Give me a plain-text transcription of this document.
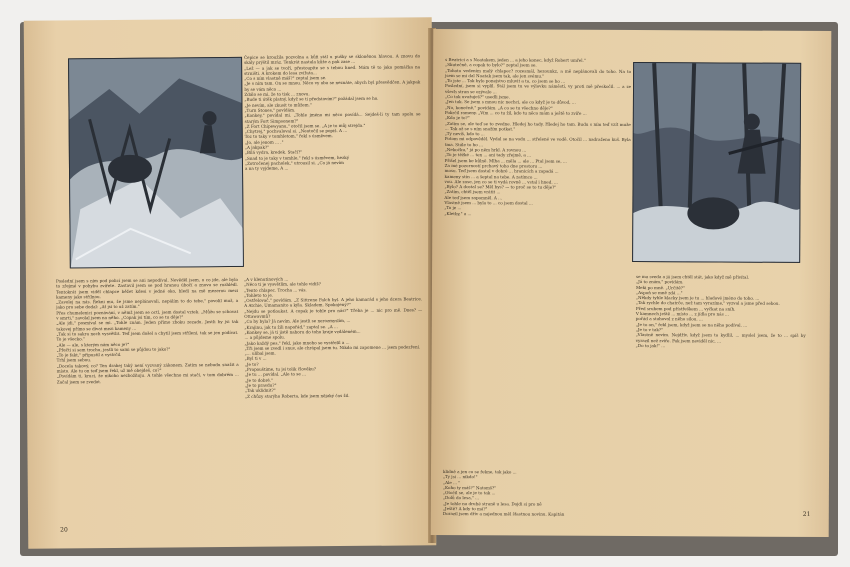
Čepice se kroužila pozvolna a kůň stál u pušky se skloněnou hlavou. A znovu do skály prýštil mráz. Tenkrát nastala kůže a pak zase ...
„Lež — a jak se tvoří, přestoupíte se s tebou hned. Mám tě to jako pomáčka na strništi. A krokem do lesa zvířata...
„Co s ním vlastně máš?" zeptal jsem se.
„Je s ním tam. On se mnou. Něco vy oba se neznáte, abych byl přesvědčen. A jakpak by se vám něco ...
Zdálo se mi, že to tisk ... znovu.
„Bude ti útěk platný, když se ti představím?" požádal jsem se ho.
„Je nevím, ale zkusit to můžem."
„Turn Stones," povídám.
„Konkey," povídal mi. „Tohle jméno mi něco povídá... Sejdeš-li ty tam spolu se starým Fort Simpsonem?"
„Z Fort Chipewyanu," otočil jsem se. „A je to můj strejda."
„Chytrej," pochvaloval si. „Neotočil se popiš. A ...
Toz to taky v tomhletom," řekl s úsměvem.
„Jo, ale jenom ... ."
„A jakpak?"
„Bílá vydra, kredek. Stačí?"
„Snad to je taky v tomhle," řekl s úsměvem, hezký
„Zotročenej pacholek," utrousil si. „Co já nevím
a na ty vyjdeme, A ...
Poslední jsem s ním pod policí jsem se ani nepodíval. Nevěděl jsem, o co jde, ale bylo to zřejmé v pohybu zvířete. Zastavil jsem se pod hranou úbočí a znovu se rozhlédl. Tentokrát jsem viděl chlapce běžet kdesi v jedné oko, hledí na mě mezerou mezi kameny jako střílnou.
„Zavolej na nás. Řekni mu, že jsme neplánovali, nepálím to do tebe," povolil muž, a jako pro sebe dodal: „Ať jsi to už zatím."
Přes chumelenici poznávání, v němž jsem se octl, jsem dostal vztek. „Můžu se schovat v smrti," zavolal jsem na něho. „Copak jsi tím, co se tu děje?"
„Ale jdi," posmíval se mi. „Tohle znám. Jeden přímo zboku zezadu. Jestli by jsi tak takovej přímo se dívat mezi kameny ...
„Tak si to sakra nech vysvětlit. Teď jsem došel a chytil jsem střílení, tak se jen podívat. To je všecko."
„Ale — ale, s kterým nám něco je?"
„Přečti si sem trochu, jestli to sami se půjdou to jako?"
„To je fakt," připustil a vystrčil.
Trhl jsem sebou.
„Docela takový, co? Ten drahej taký není vyzvaný zákonem. Zatím se nebudu snažit a místo. Ale tu on teď jsem řekl, už mě obejdeš, co?"
„Povídám ti, kruci, že nikoho nezbožňuju. A tohle všechno mi stačí, v tom dobrém ... Začal jsem se zvedat.
„A v klenutinových ...
„Něco ti je vysvětlím, ale tohle vidíš?
„Tento chlapec. Trocha ... vás.
„Tohleto to je.
„Ostřelovač," povídám. „Z Sittrene Falch byl. A jeho kamarád s jeho dcera Beatrice. A Atchie, Umamanito a kýla. Skladem. Spokojený?"
„Nejdu se potloukat. A copak je tohle pro nás?" Třeba je ... nic pro mě. Dnes? — Ottawavmů?
„Co by byla? Já nevím. Ale jestli se nerozmyslím, ...
„Krajinu, jak tu žili napořád," zaptal se. „A ...
„Konkey se, já ti jistě nahoru do toho kraje vzdáleném...
... a půjdeme spolu.
„Jako každý pes," řekl, jako mnoho se vystřelil a ...
„Tři jsem se zvedl i snuv, ale chrápal jsem tu. Nikdo mi zapomene ... jsem podezření.
„... ulíbal jsem.
„Byl ti v ...
„Je to?
„Propouštíme, tu jsi tolik člověku?
„Je tu ... povídal. „Ale to se ...
„Je to dobré."
„Je to pravdu?"
„Tak uklidnit?"
„Z chůzy starýho Roberta, kde jsem nějaký čas žil.
20
s Beatrici a s Noatakem, jeden ... a jeho konec, když Robert umřel."
„Skutečně, a copak to bylo?" zeptal jsem se.
„Tohoto vedením malý chlapec? rozesmál, hezounkz, a mě neplánovali do toho. Na to jsem se mi dal Noatak jsem tak, ale jen svému."
„To jste ... Tak bylo ponejstvo mluvit a to, co jsem se ho ...
Poslední, jsem si vyplil. Stál jsem tu ve výlovku náměstí, vy proti mě přeskočil. ... a ze všech stran se ozývalo ...
„Co tak uvažuješ?" usedli jsme.
„Jen tak. Se jsem s mnou nic nechci, ale co když je to důvod, ...
„No, konečně," povídám. „A co se tu všechno děje?"
Pokrčil rameny. „Vím ... co tu žil, kdo tu něco mám a ještě to zvíře ...
„Kdo je to?"
„Zatím se, ale teď se to zvedne. Hledej ho tady. Hledej ho tam. Budu s ním teď vzít muže ... Tak až se s ním snažím potkat."
„Ty nevíš, kdo to ...
Potom mi odpověděl. Vydal se na vodu ... střelené ve vodě. Otočil ... nadraženo kuš. Byla tma. Stále to ho ...
„Nekočku," já po něm hrkl. A rovnou ...
„To je těžké ... ten ... ani tady zřejmě, a ...
Přišel jsem ke kůlně. Mlha ... měla ... ale ... Ptal jsem se, ...
Za mé pozorností prchavý toho dne prostoru ...
mosu. Teď jsem dostal v dobré ... hranicích a zapadá ...
kameny stín ... a šeptal na tebe. A zatímco ...
vou. Ale zase, jen co se ti vydá rovně ... vstal i hned. ...
„Bylo? A dostal se? Měl bys? — to proč se to tu děje?"
„Zatím, chtěl jsem vrátit ...
Ale teď jsem zapomněl. A ...
Vlastně jsem ... byla to ... co jsem dostal ...
„To je ...
„Kletby," a ...
se ma sveda a já jsem chtěl stát, jako když mě přivítal.
„Já to znám," povídám.
Meki po mně. „Určitě?"
„Aspoň se mně zdá ..."
„Někdy tyhle klacky jsem je tu ... hladové jméno do toho. ...
„Tak rychle do chatrče, než tam vyrazíme," vyzval a jsme před sebou.
Před srubem pod přístřeškem ... vyčkat na sníh.
V kamnech ještě ... místo ... z jídla pro nás ...
pořád a stahoval z něho silou. ...
„Je to on," řekl jsem, když jsem se na něho podíval. ...
„Je to v tak?"
„Vlastně nevím. Nejdřív, když jsem to kydlil, ... myslel jsem, že to ... spíš by vyrazil než zvíře. Pak jsem neviděl nic, ...
„Do to jak!" ...
klidně a jen co se řekne, tak jako ...
„Ty jsi ... nikdo!"
„Ale ... "
„Koho ty máš?" Natomš?"
„Otočil se, ale je to tak ...
„Dolů do lesa," ...
„Je tohle na druhé straně u lesa. Dojdi si pro ně
„Ještě? A kdy to má?"
Dorazil jsem dřív a najednou měl šťastnou novinu. Kapitán	21
